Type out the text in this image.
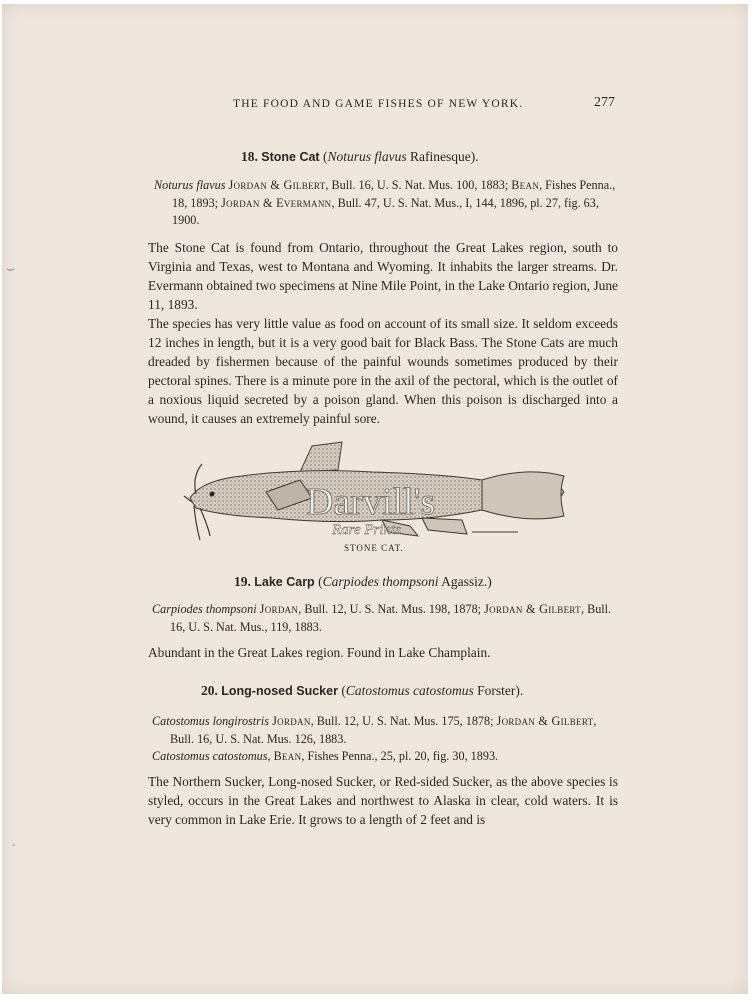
THE FOOD AND GAME FISHES OF NEW YORK.	277
18. Stone Cat (Noturus flavus Rafinesque).

Noturus flavus Jordan & Gilbert, Bull. 16, U. S. Nat. Mus. 100, 1883; Bean, Fishes Penna., 18, 1893; Jordan & Evermann, Bull. 47, U. S. Nat. Mus., I, 144, 1896, pl. 27, fig. 63, 1900.

The Stone Cat is found from Ontario, throughout the Great Lakes region, south to Virginia and Texas, west to Montana and Wyoming. It inhabits the larger streams. Dr. Evermann obtained two specimens at Nine Mile Point, in the Lake Ontario region, June 11, 1893.

The species has very little value as food on account of its small size. It seldom exceeds 12 inches in length, but it is a very good bait for Black Bass. The Stone Cats are much dreaded by fishermen because of the painful wounds sometimes produced by their pectoral spines. There is a minute pore in the axil of the pectoral, which is the outlet of a noxious liquid secreted by a poison gland. When this poison is discharged into a wound, it causes an extremely painful sore.

Darvill's
Rare Prints
STONE CAT.
19. Lake Carp (Carpiodes thompsoni Agassiz.)

Carpiodes thompsoni Jordan, Bull. 12, U. S. Nat. Mus. 198, 1878; Jordan & Gilbert, Bull. 16, U. S. Nat. Mus., 119, 1883.

Abundant in the Great Lakes region. Found in Lake Champlain.

20. Long-nosed Sucker (Catostomus catostomus Forster).

Catostomus longirostris Jordan, Bull. 12, U. S. Nat. Mus. 175, 1878; Jordan & Gilbert, Bull. 16, U. S. Nat. Mus. 126, 1883.

Catostomus catostomus, Bean, Fishes Penna., 25, pl. 20, fig. 30, 1893.

The Northern Sucker, Long-nosed Sucker, or Red-sided Sucker, as the above species is styled, occurs in the Great Lakes and northwest to Alaska in clear, cold waters. It is very common in Lake Erie. It grows to a length of 2 feet and is

⌣
◦
